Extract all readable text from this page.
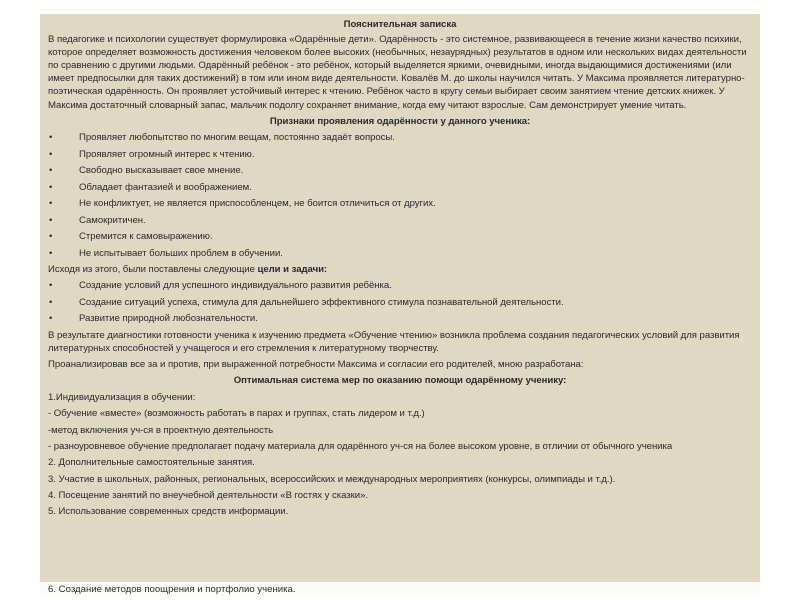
Пояснительная записка
В педагогике и психологии существует формулировка «Одарённые дети». Одарённость - это системное, развивающееся в течение жизни качество психики, которое определяет возможность достижения человеком более высоких (необычных, незаурядных) результатов в одном или нескольких видах деятельности по сравнению с другими людьми. Одарённый ребёнок - это ребёнок, который выделяется яркими, очевидными, иногда выдающимися достижениями (или имеет предпосылки для таких достижений) в том или ином виде деятельности. Ковалёв М. до школы научился читать. У Максима проявляется литературно-поэтическая одарённость. Он проявляет устойчивый интерес к чтению. Ребёнок часто в кругу семьи выбирает своим занятием чтение детских книжек. У Максима достаточный словарный запас, мальчик подолгу сохраняет внимание, когда ему читают взрослые. Сам демонстрирует умение читать.
Признаки проявления одарённости у данного ученика:
•	Проявляет любопытство по многим вещам, постоянно задаёт вопросы.
•	Проявляет огромный интерес к чтению.
•	Свободно высказывает свое мнение.
•	Обладает фантазией и воображением.
•	Не конфликтует, не является приспособленцем, не боится отличиться от других.
•	Самокритичен.
•	Стремится к самовыражению.
•	Не испытывает больших проблем в обучении.
Исходя из этого, были поставлены следующие цели и задачи:
•	Создание условий для успешного индивидуального развития ребёнка.
•	Создание ситуаций успеха, стимула для дальнейшего эффективного стимула познавательной деятельности.
•	Развитие природной любознательности.
В результате диагностики готовности ученика к изучению предмета «Обучение чтению» возникла проблема создания педагогических условий для развития литературных способностей у учащегося и его стремления к литературному творчеству.
Проанализировав все за и против, при выраженной потребности Максима и согласии его родителей, мною разработана:
Оптимальная система мер по оказанию помощи одарённому ученику:
1.Индивидуализация в обучении:
- Обучение «вместе» (возможность работать в парах и группах, стать лидером и т.д.)
-метод включения уч-ся в проектную деятельность
- разноуровневое обучение предполагает подачу материала для одарённого уч-ся на более высоком уровне, в отличии от обычного ученика
2. Дополнительные самостоятельные занятия.
3. Участие в школьных, районных, региональных, всероссийских и международных мероприятиях (конкурсы, олимпиады и т.д.).
4. Посещение занятий по внеучебной деятельности «В гостях у сказки».
5. Использование современных средств информации.
6. Создание методов поощрения и портфолио ученика.
